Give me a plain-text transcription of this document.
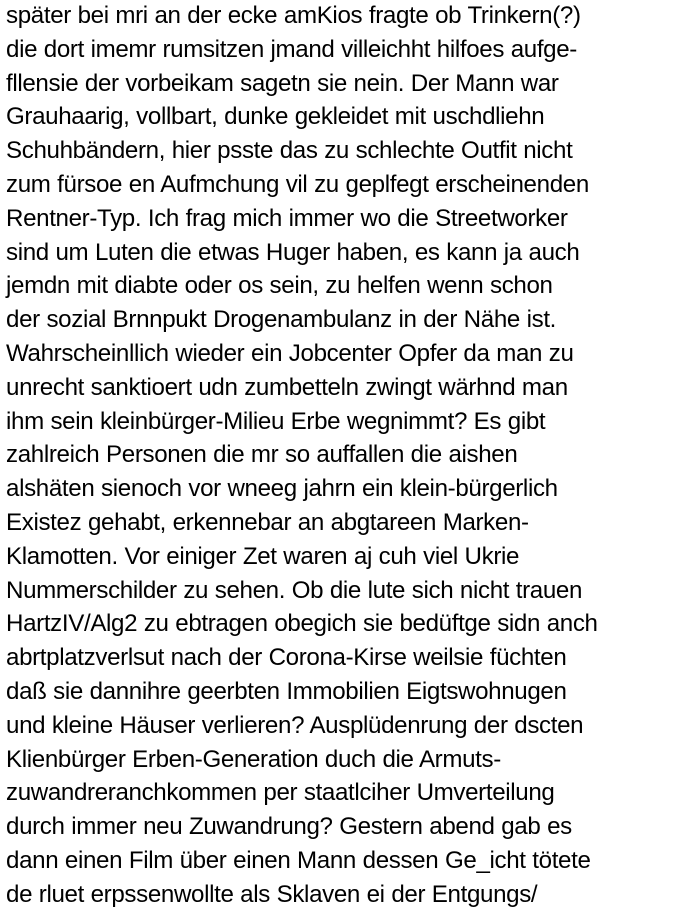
später bei mri an der ecke amKios fragte ob Trinkern(?)
die dort imemr rumsitzen jmand villeichht hilfoes aufge-
fllensie der vorbeikam sagetn sie nein. Der Mann war
Grauhaarig, vollbart, dunke gekleidet mit uschdliehn
Schuhbändern, hier psste das zu schlechte Outfit nicht
zum fürsoe en Aufmchung vil zu geplfegt erscheinenden
Rentner-Typ. Ich frag mich immer wo die Streetworker
sind um Luten die etwas Huger haben, es kann ja auch
jemdn mit diabte oder os sein, zu helfen wenn schon
der sozial Brnnpukt Drogenambulanz in der Nähe ist.
Wahrscheinllich wieder ein Jobcenter Opfer da man zu
unrecht sanktioert udn zumbetteln zwingt wärhnd man
ihm sein kleinbürger-Milieu Erbe wegnimmt? Es gibt
zahlreich Personen die mr so auffallen die aishen
alshäten sienoch vor wneeg jahrn ein klein-bürgerlich
Existez gehabt, erkennebar an abgtareen Marken-
Klamotten. Vor einiger Zet waren aj cuh viel Ukrie
Nummerschilder zu sehen. Ob die lute sich nicht trauen
HartzIV/Alg2 zu ebtragen obegich sie bedüftge sidn anch
abrtplatzverlsut nach der Corona-Kirse weilsie füchten
daß sie dannihre geerbten Immobilien Eigtswohnugen
und kleine Häuser verlieren? Ausplüdenrung der dscten
Klienbürger Erben-Generation duch die Armuts-
zuwandreranchkommen per staatlciher Umverteilung
durch immer neu Zuwandrung? Gestern abend gab es
dann einen Film über einen Mann dessen Ge_icht tötete
de rluet erpssenwollte als Sklaven ei der Entgungs/
